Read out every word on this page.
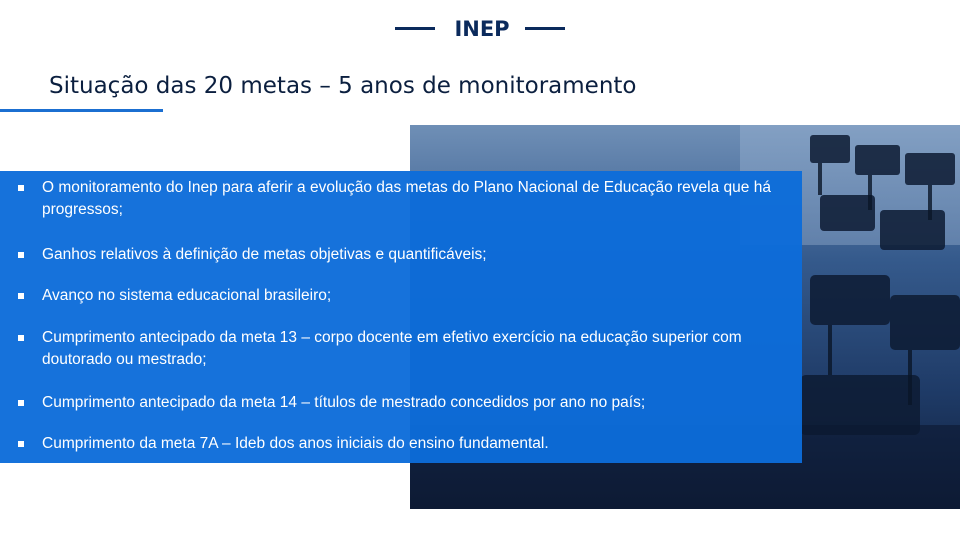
INEP
Situação das 20 metas – 5 anos de monitoramento
O monitoramento do Inep para aferir a evolução das metas do Plano Nacional de Educação revela que há progressos;
Ganhos relativos à definição de metas objetivas e quantificáveis;
Avanço no sistema educacional brasileiro;
Cumprimento antecipado da meta 13 – corpo docente em efetivo exercício na educação superior com doutorado ou mestrado;
Cumprimento antecipado da meta 14 – títulos de mestrado concedidos por ano no país;
Cumprimento da meta 7A – Ideb dos anos iniciais do ensino fundamental.
